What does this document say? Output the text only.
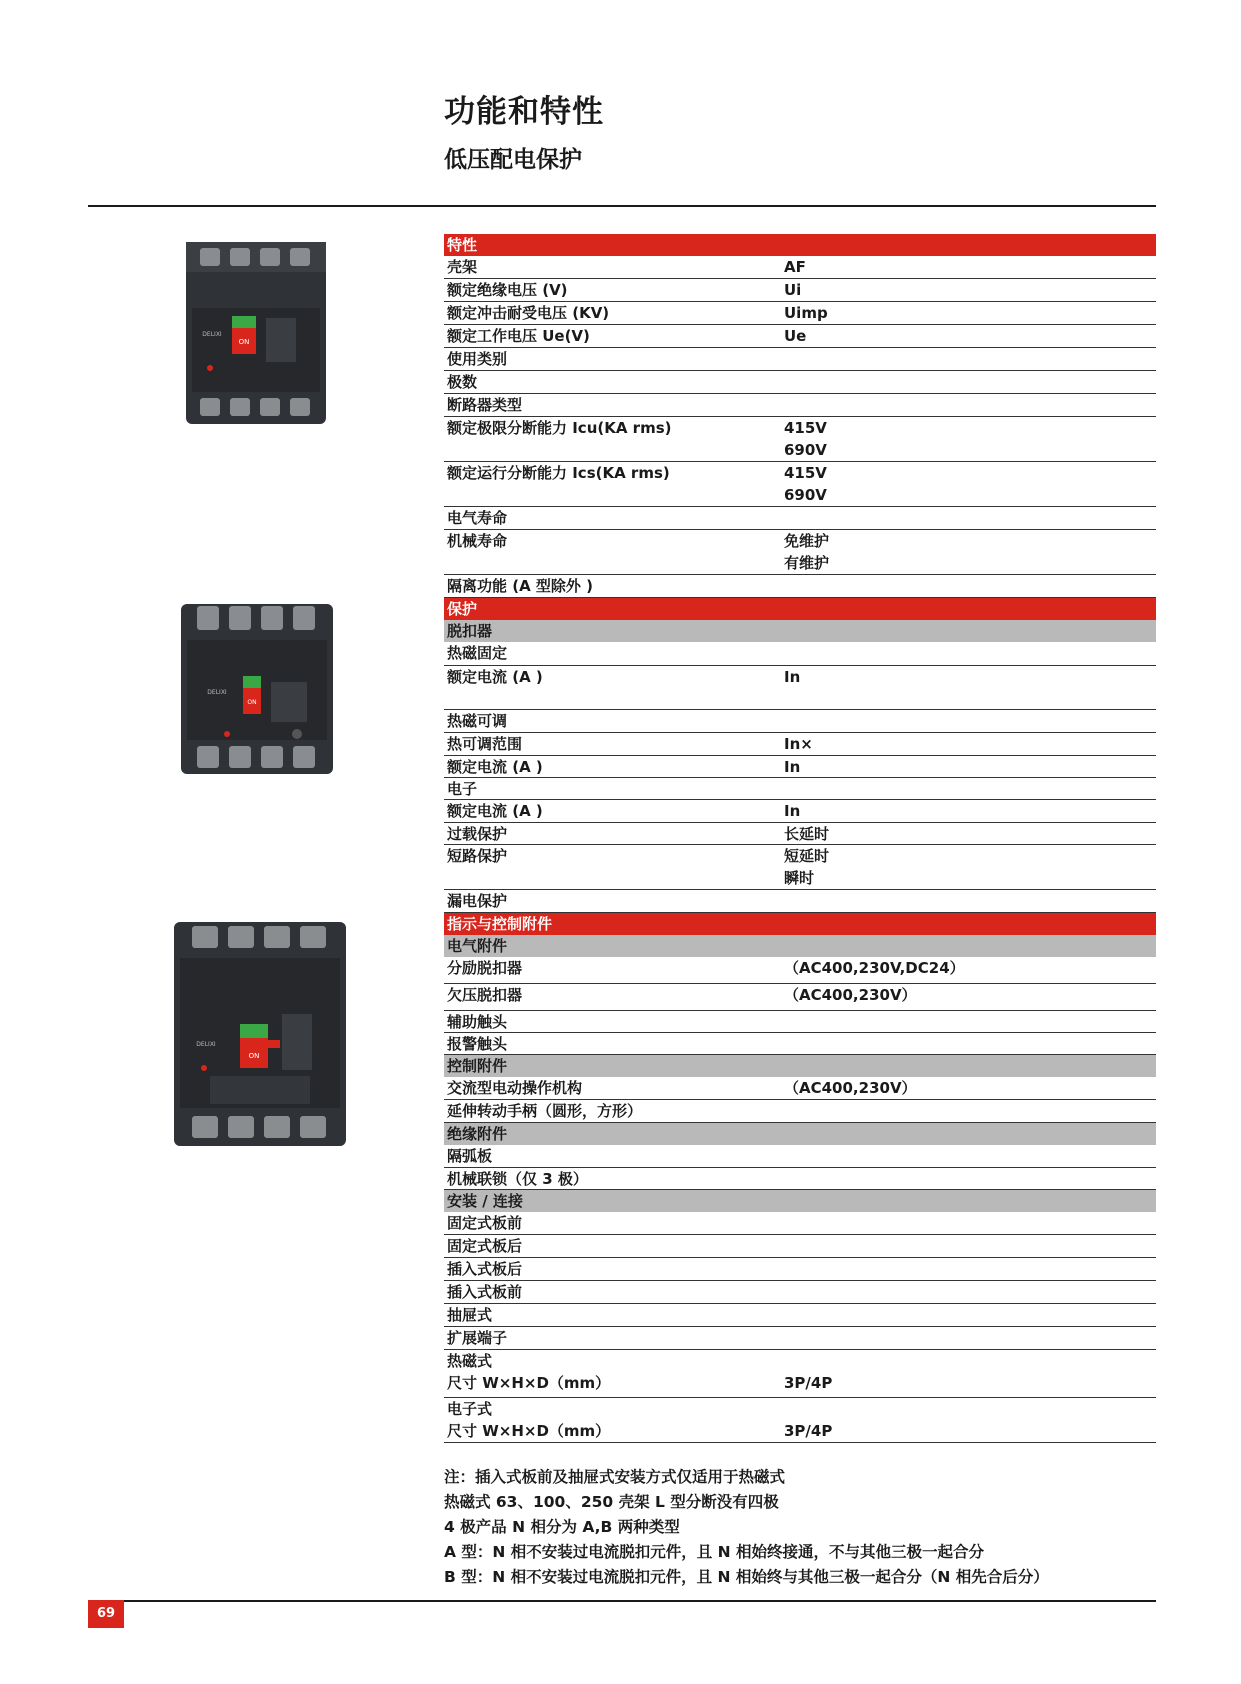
功能和特性
低压配电保护
ON
DELIXI
ON
DELIXI
ON
DELIXI
特性
壳架	AF
额定绝缘电压 (V)	Ui
额定冲击耐受电压 (KV)	Uimp
额定工作电压 Ue(V)	Ue
使用类别
极数
断路器类型
额定极限分断能力 Icu(KA rms)	415V
690V
额定运行分断能力 Ics(KA rms)	415V
690V
电气寿命
机械寿命	免维护
有维护
隔离功能 (A 型除外 )
保护
脱扣器
热磁固定
额定电流 (A )	In
热磁可调
热可调范围	In×
额定电流 (A )	In
电子
额定电流 (A )	In
过载保护	长延时
短路保护	短延时
瞬时
漏电保护
指示与控制附件
电气附件
分励脱扣器	（AC400,230V,DC24）
欠压脱扣器	（AC400,230V）
辅助触头
报警触头
控制附件
交流型电动操作机构	（AC400,230V）
延伸转动手柄（圆形，方形）
绝缘附件
隔弧板
机械联锁（仅 3 极）
安装 / 连接
固定式板前
固定式板后
插入式板后
插入式板前
抽屉式
扩展端子
热磁式
尺寸 W×H×D（mm）	
3P/4P
电子式
尺寸 W×H×D（mm）	
3P/4P
注：插入式板前及抽屉式安装方式仅适用于热磁式
热磁式 63、100、250 壳架 L 型分断没有四极
4 极产品 N 相分为 A,B 两种类型
A 型：N 相不安装过电流脱扣元件，且 N 相始终接通，不与其他三极一起合分
B 型：N 相不安装过电流脱扣元件，且 N 相始终与其他三极一起合分（N 相先合后分）
69
